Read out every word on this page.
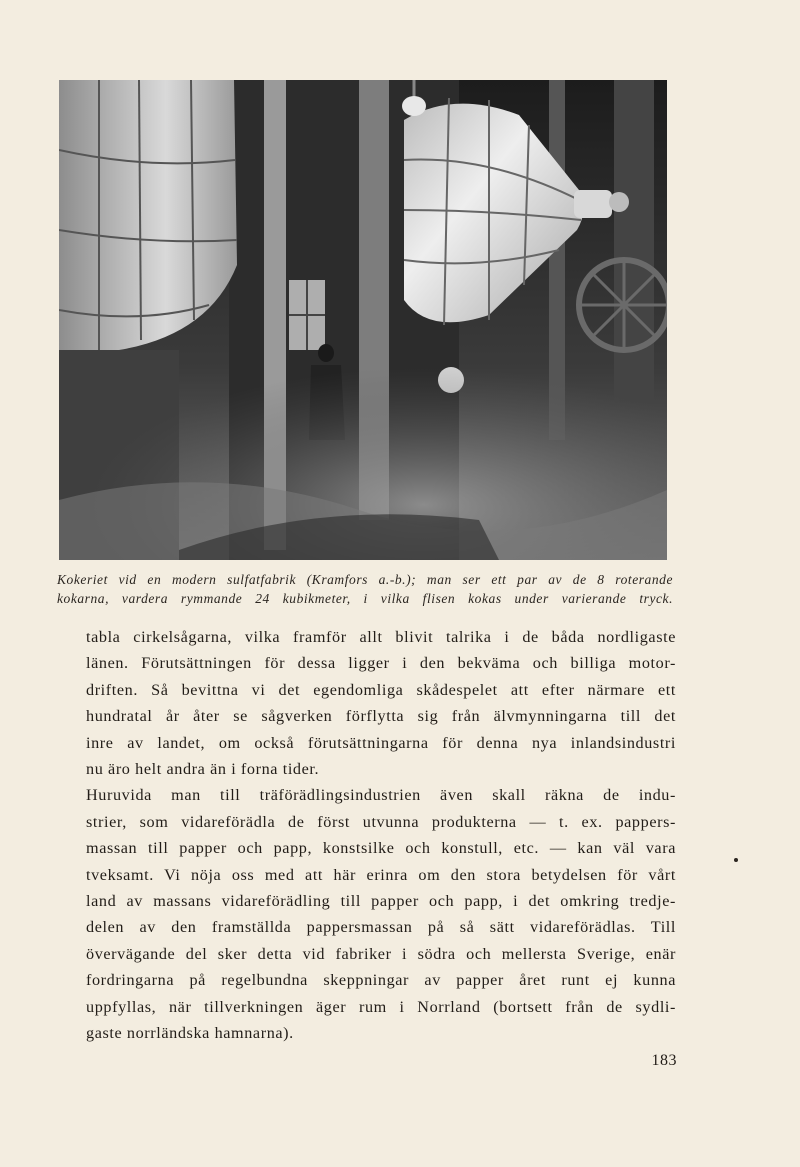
Kokeriet vid en modern sulfatfabrik (Kramfors a.-b.); man ser ett par av de 8 roterande
kokarna, vardera rymmande 24 kubikmeter, i vilka flisen kokas under varierande tryck.
tabla cirkelsågarna, vilka framför allt blivit talrika i de båda nordligaste
länen. Förutsättningen för dessa ligger i den bekväma och billiga motor-
driften. Så bevittna vi det egendomliga skådespelet att efter närmare ett
hundratal år åter se sågverken förflytta sig från älvmynningarna till det
inre av landet, om också förutsättningarna för denna nya inlandsindustri
nu äro helt andra än i forna tider.
Huruvida man till träförädlingsindustrien även skall räkna de indu-
strier, som vidareförädla de först utvunna produkterna — t. ex. pappers-
massan till papper och papp, konstsilke och konstull, etc. — kan väl vara
tveksamt. Vi nöja oss med att här erinra om den stora betydelsen för vårt
land av massans vidareförädling till papper och papp, i det omkring tredje-
delen av den framställda pappersmassan på så sätt vidareförädlas. Till
övervägande del sker detta vid fabriker i södra och mellersta Sverige, enär
fordringarna på regelbundna skeppningar av papper året runt ej kunna
uppfyllas, när tillverkningen äger rum i Norrland (bortsett från de sydli-
gaste norrländska hamnarna).
183
